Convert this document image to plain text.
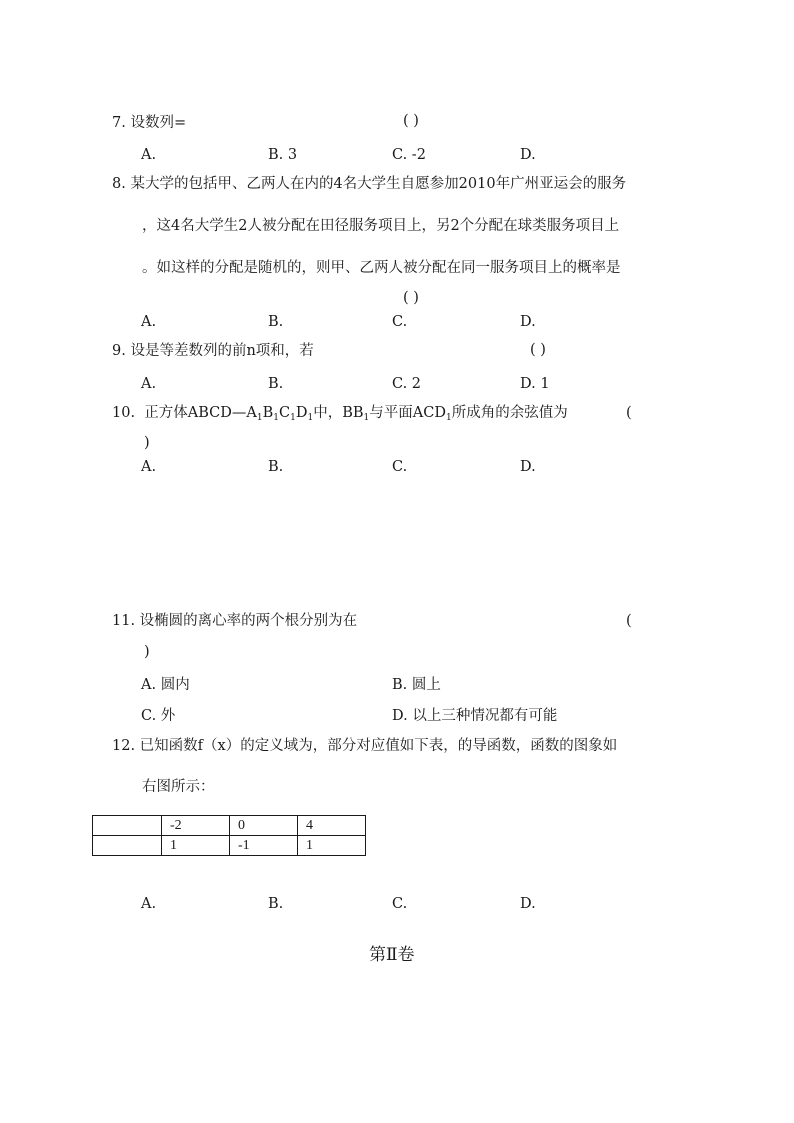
7. 设数列=	( )
A.	B. 3	C. -2	D.
8. 某大学的包括甲、乙两人在内的4名大学生自愿参加2010年广州亚运会的服务
，这4名大学生2人被分配在田径服务项目上，另2个分配在球类服务项目上
。如这样的分配是随机的，则甲、乙两人被分配在同一服务项目上的概率是
( )
A.	B.	C.	D.
9. 设是等差数列的前n项和，若	( )
A.	B.	C. 2	D. 1
10. 正方体$ABCD—A_1B_1C_1D_1$中，$BB_1$与平面$ACD_1$所成角的余弦值为	(
)
A.	B.	C.	D.
11. 设椭圆的离心率的两个根分别为在	(
)
A. 圆内	B. 圆上
C. 外	D. 以上三种情况都有可能
12. 已知函数f（x）的定义域为，部分对应值如下表，的导函数，函数的图象如
右图所示：
	-2	0	4
	1	-1	1
A.	B.	C.	D.
第Ⅱ卷
